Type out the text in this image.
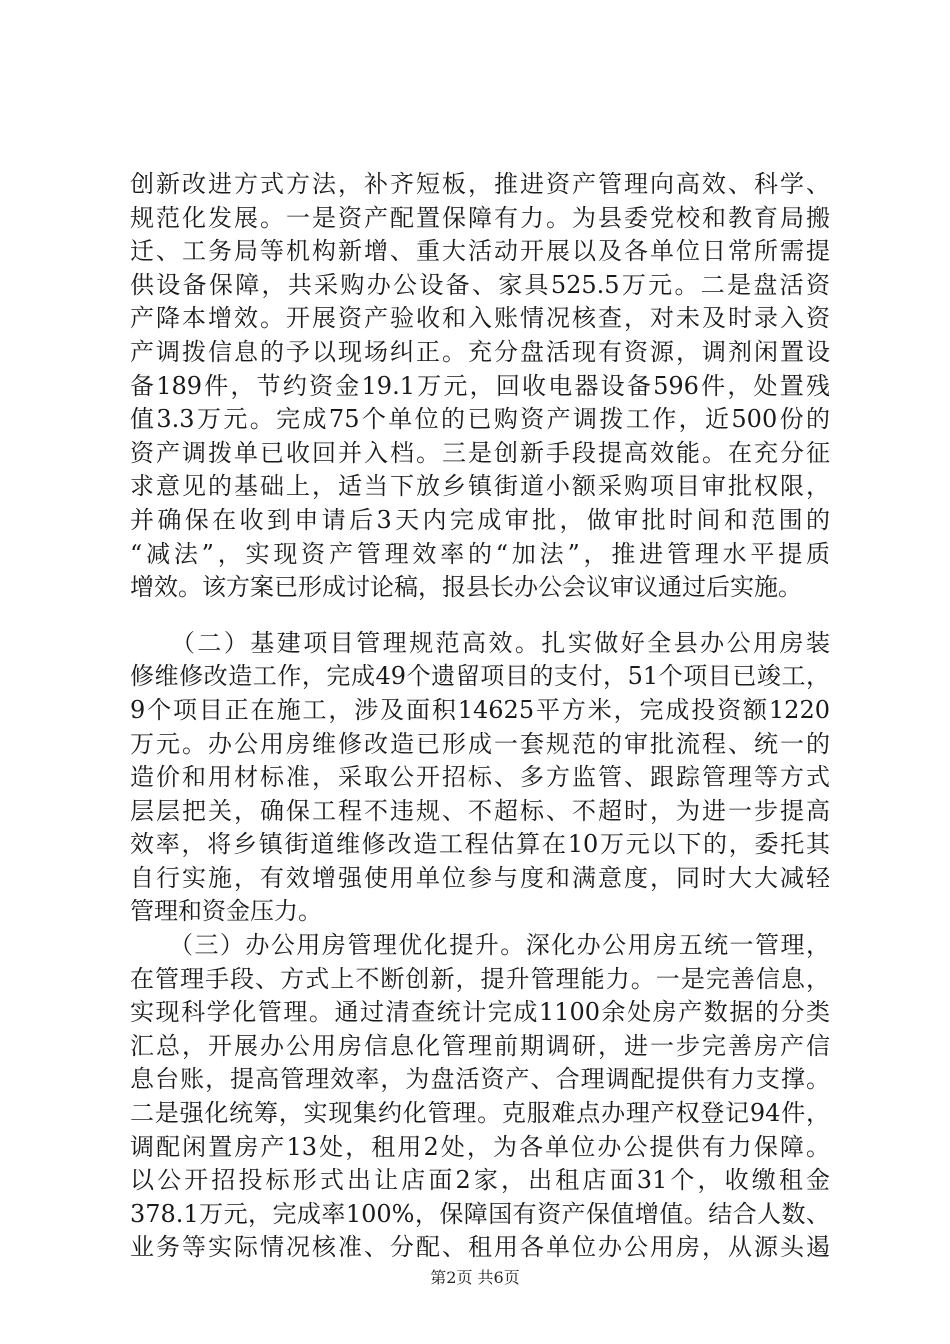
创新改进方式方法，补齐短板，推进资产管理向高效、科学、
规范化发展。一是资产配置保障有力。为县委党校和教育局搬
迁、工务局等机构新增、重大活动开展以及各单位日常所需提
供设备保障，共采购办公设备、家具525.5万元。二是盘活资
产降本增效。开展资产验收和入账情况核查，对未及时录入资
产调拨信息的予以现场纠正。充分盘活现有资源，调剂闲置设
备189件，节约资金19.1万元，回收电器设备596件，处置残
值3.3万元。完成75个单位的已购资产调拨工作，近500份的
资产调拨单已收回并入档。三是创新手段提高效能。在充分征
求意见的基础上，适当下放乡镇街道小额采购项目审批权限，
并确保在收到申请后3天内完成审批，做审批时间和范围的
“减法”，实现资产管理效率的“加法”，推进管理水平提质
增效。该方案已形成讨论稿，报县长办公会议审议通过后实施。
　　（二）基建项目管理规范高效。扎实做好全县办公用房装
修维修改造工作，完成49个遗留项目的支付，51个项目已竣工，
9个项目正在施工，涉及面积14625平方米，完成投资额1220
万元。办公用房维修改造已形成一套规范的审批流程、统一的
造价和用材标准，采取公开招标、多方监管、跟踪管理等方式
层层把关，确保工程不违规、不超标、不超时，为进一步提高
效率，将乡镇街道维修改造工程估算在10万元以下的，委托其
自行实施，有效增强使用单位参与度和满意度，同时大大减轻
管理和资金压力。
　　（三）办公用房管理优化提升。深化办公用房五统一管理，
在管理手段、方式上不断创新，提升管理能力。一是完善信息，
实现科学化管理。通过清查统计完成1100余处房产数据的分类
汇总，开展办公用房信息化管理前期调研，进一步完善房产信
息台账，提高管理效率，为盘活资产、合理调配提供有力支撑。
二是强化统筹，实现集约化管理。克服难点办理产权登记94件，
调配闲置房产13处，租用2处，为各单位办公提供有力保障。
以公开招投标形式出让店面2家，出租店面31个，收缴租金
378.1万元，完成率100%，保障国有资产保值增值。结合人数、
业务等实际情况核准、分配、租用各单位办公用房，从源头遏
第2页 共6页
